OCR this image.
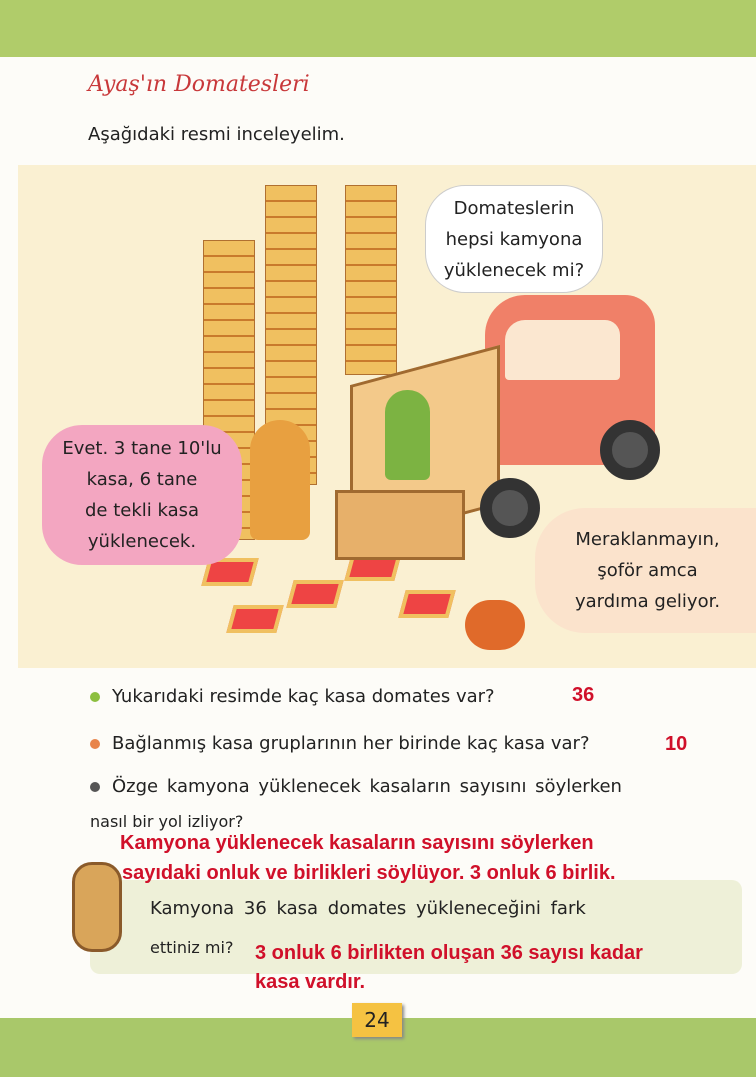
Ayaş'ın Domatesleri
Aşağıdaki resmi inceleyelim.
Domateslerin
hepsi kamyona
yüklenecek mi?
Evet. 3 tane 10'lu
kasa, 6 tane
de tekli kasa
yüklenecek.	Meraklanmayın,
şoför amca
yardıma geliyor.
Yukarıdaki resimde kaç kasa domates var?	36
Bağlanmış kasa gruplarının her birinde kaç kasa var?	10
Özge kamyona yüklenecek kasaların sayısını söylerken
nasıl bir yol izliyor?
Kamyona yüklenecek kasaların sayısını söylerken
sayıdaki onluk ve birlikleri söylüyor. 3 onluk 6 birlik.
Kamyona 36 kasa domates yükleneceğini fark
ettiniz mi? 3 onluk 6 birlikten oluşan 36 sayısı kadar
kasa vardır.
24
